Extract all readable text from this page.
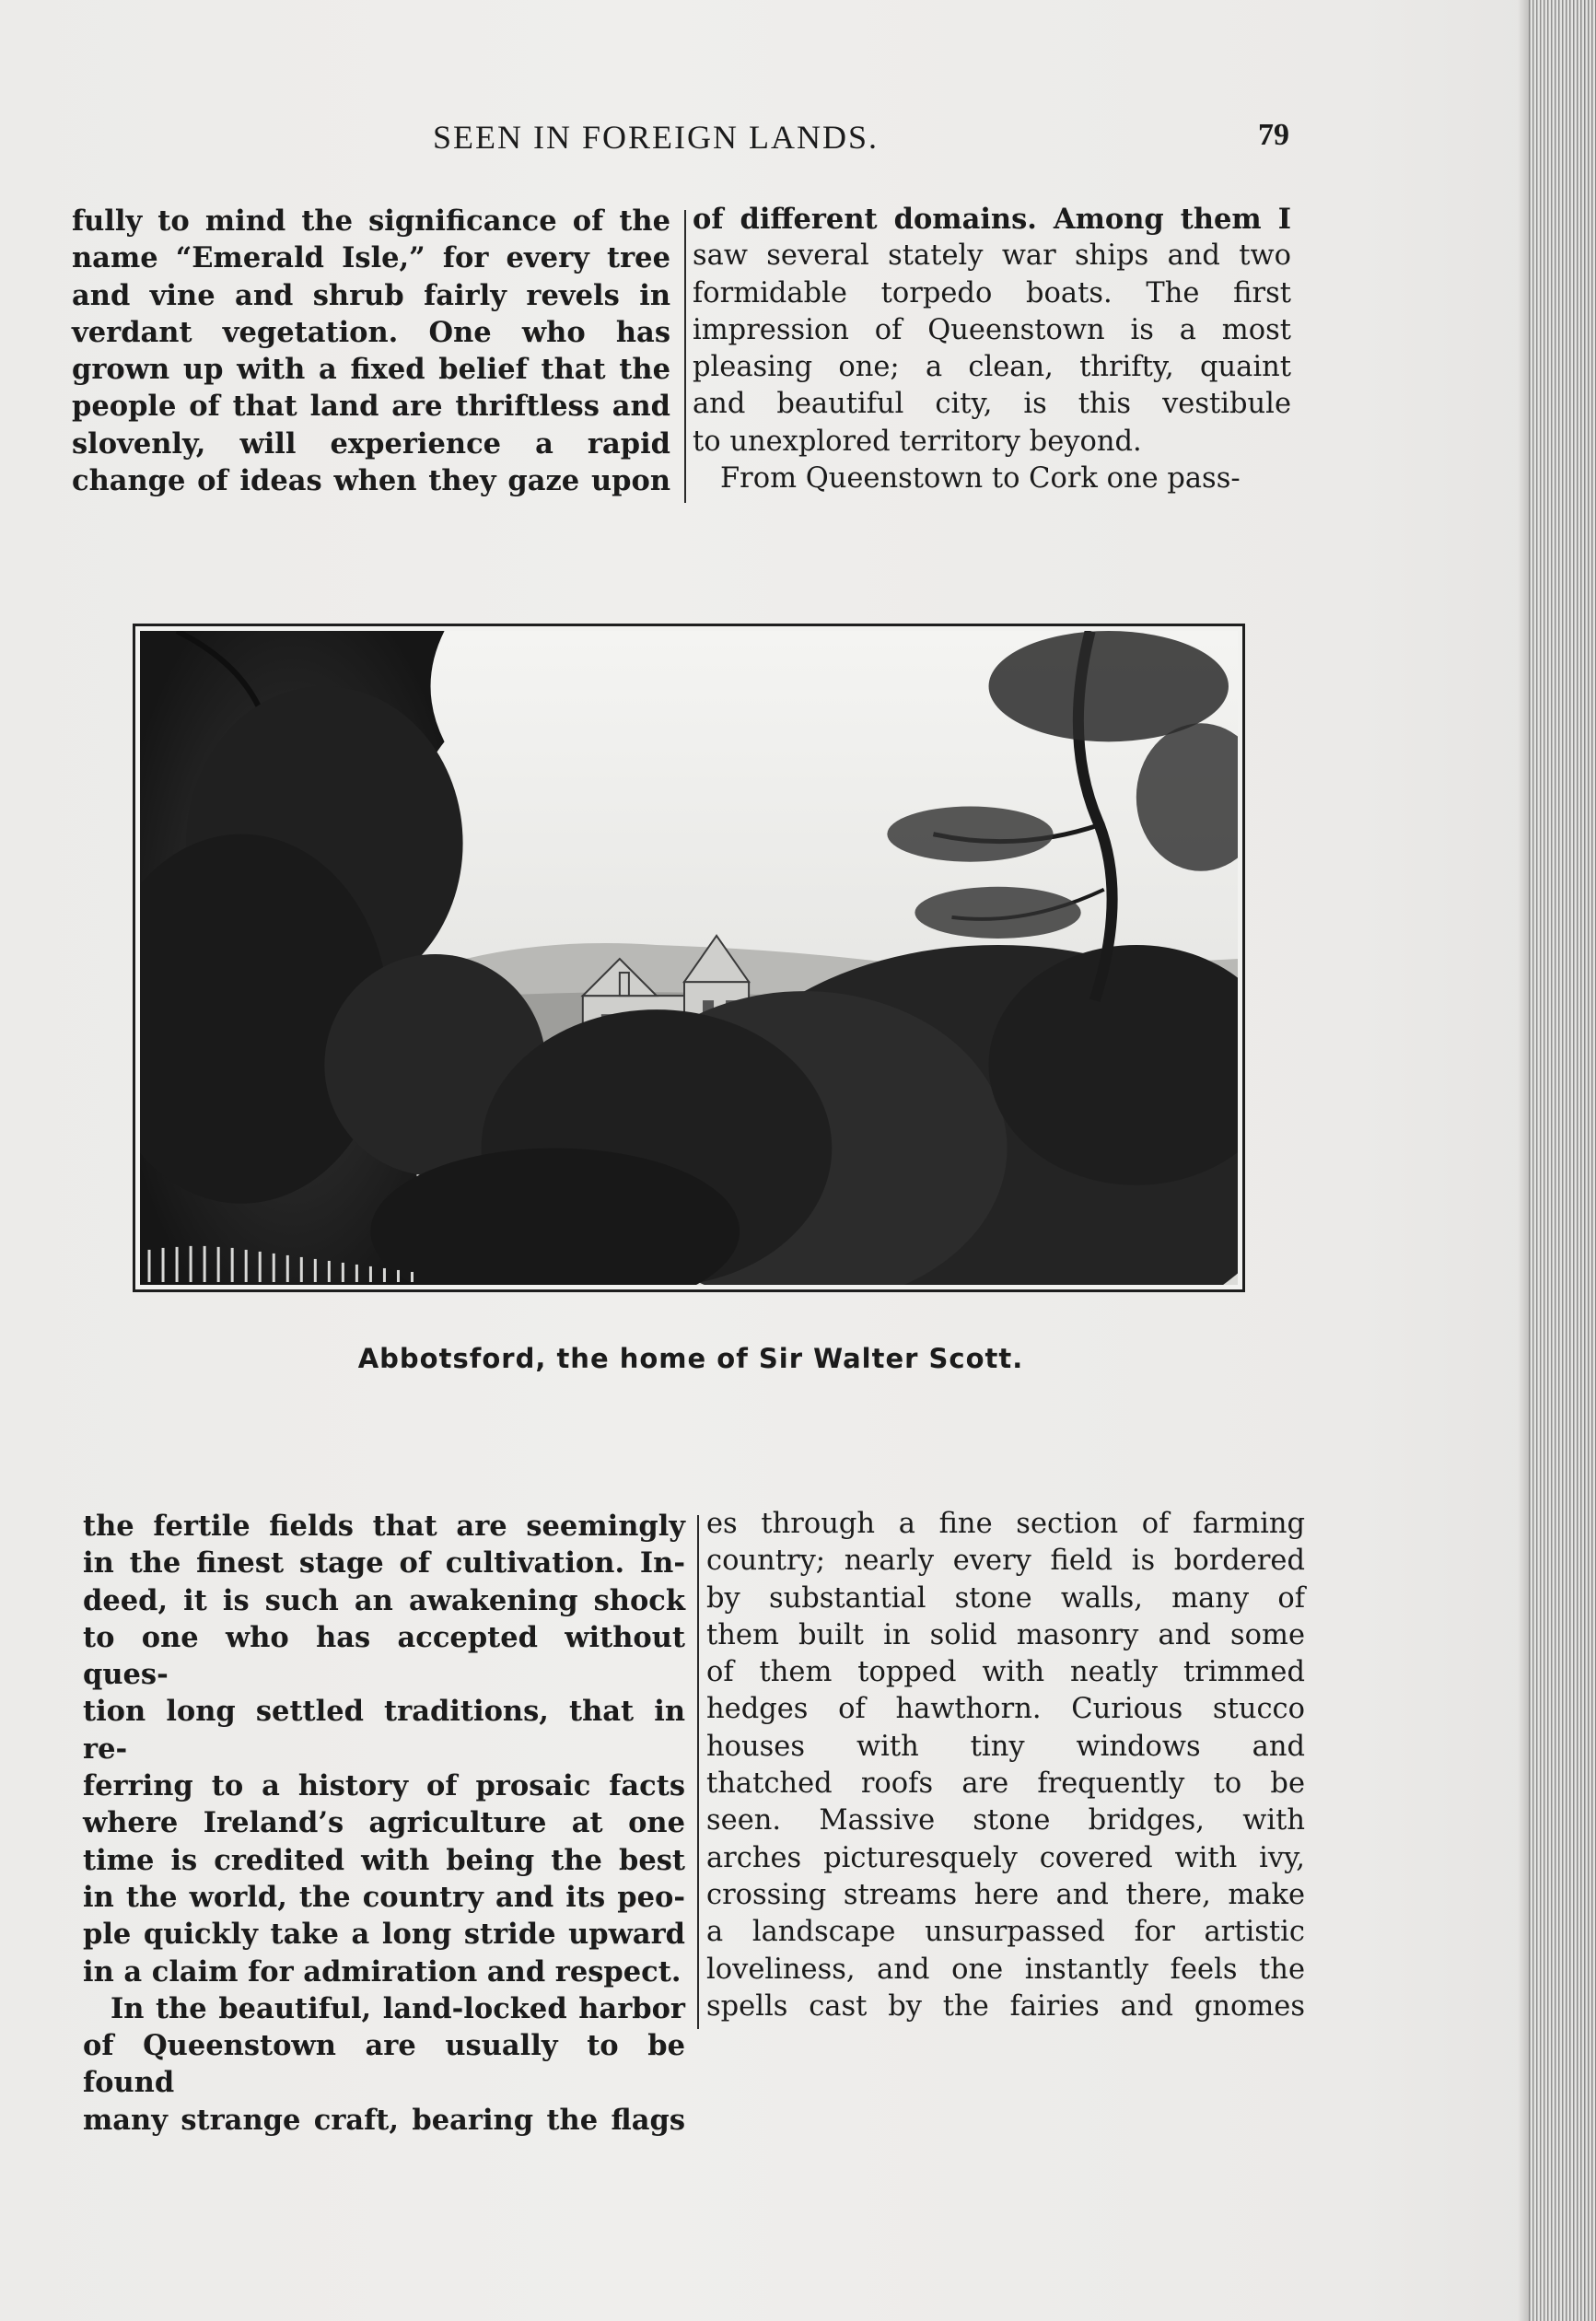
SEEN IN FOREIGN LANDS.	79

fully to mind the significance of the

name “Emerald Isle,” for every tree

and vine and shrub fairly revels in

verdant vegetation. One who has

grown up with a fixed belief that the

people of that land are thriftless and

slovenly, will experience a rapid

change of ideas when they gaze upon

of different domains. Among them I

saw several stately war ships and two

formidable torpedo boats. The first

impression of Queenstown is a most

pleasing one; a clean, thrifty, quaint

and beautiful city, is this vestibule

to unexplored territory beyond.

From Queenstown to Cork one pass-

Abbotsford, the home of Sir Walter Scott.

the fertile fields that are seemingly

in the finest stage of cultivation. In-

deed, it is such an awakening shock

to one who has accepted without ques-

tion long settled traditions, that in re-

ferring to a history of prosaic facts

where Ireland’s agriculture at one

time is credited with being the best

in the world, the country and its peo-

ple quickly take a long stride upward

in a claim for admiration and respect.

In the beautiful, land-locked harbor

of Queenstown are usually to be found

many strange craft, bearing the flags

es through a fine section of farming

country; nearly every field is bordered

by substantial stone walls, many of

them built in solid masonry and some

of them topped with neatly trimmed

hedges of hawthorn. Curious stucco

houses with tiny windows and

thatched roofs are frequently to be

seen. Massive stone bridges, with

arches picturesquely covered with ivy,

crossing streams here and there, make

a landscape unsurpassed for artistic

loveliness, and one instantly feels the

spells cast by the fairies and gnomes
